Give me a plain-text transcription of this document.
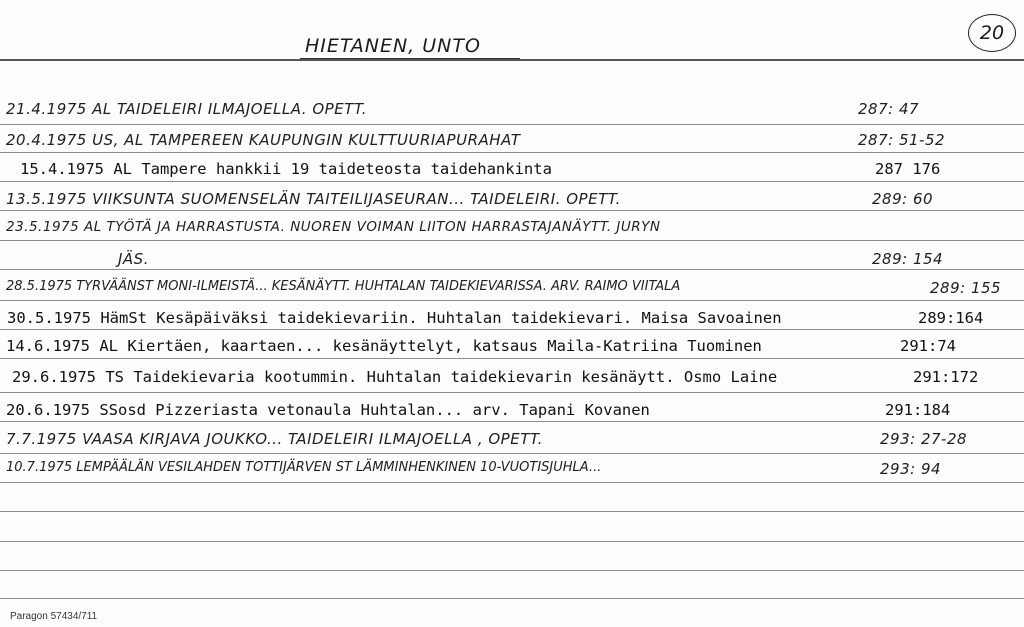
HIETANEN, UNTO
20
21.4.1975 AL TAIDELEIRI ILMAJOELLA. OPETT.	287: 47
20.4.1975 US, AL TAMPEREEN KAUPUNGIN KULTTUURIAPURAHAT	287: 51-52
15.4.1975 AL Tampere hankkii 19 taideteosta taidehankinta	287 176
13.5.1975 VIIKSUNTA SUOMENSELÄN TAITEILIJASEURAN... TAIDELEIRI. OPETT.	289: 60
23.5.1975 AL TYÖTÄ JA HARRASTUSTA. NUOREN VOIMAN LIITON HARRASTAJANÄYTT. JURYN
JÄS.	289: 154
28.5.1975 TYRVÄÄNST MONI-ILMEISTÄ... KESÄNÄYTT. HUHTALAN TAIDEKIEVARISSA. ARV. RAIMO VIITALA	289: 155
30.5.1975 HämSt Kesäpäiväksi taidekievariin. Huhtalan taidekievari. Maisa Savoainen	289:164
14.6.1975 AL Kiertäen, kaartaen... kesänäyttelyt, katsaus Maila-Katriina Tuominen	291:74
29.6.1975 TS Taidekievaria kootummin. Huhtalan taidekievarin kesänäytt. Osmo Laine	291:172
20.6.1975 SSosd Pizzeriasta vetonaula Huhtalan... arv. Tapani Kovanen	291:184
7.7.1975 VAASA KIRJAVA JOUKKO... TAIDELEIRI ILMAJOELLA , OPETT.	293: 27-28
10.7.1975 LEMPÄÄLÄN VESILAHDEN TOTTIJÄRVEN ST LÄMMINHENKINEN 10-VUOTISJUHLA...	293: 94
Paragon 57434/711
